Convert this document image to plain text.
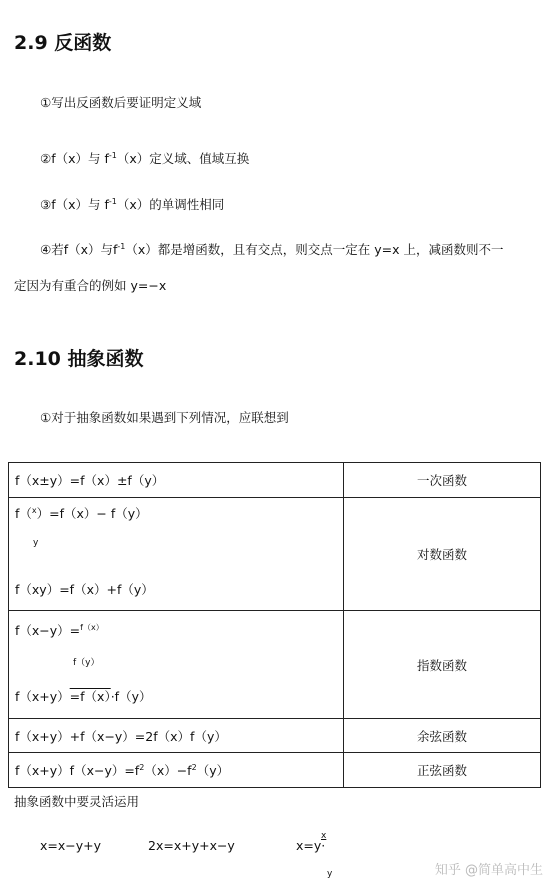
2.9 反函数
①写出反函数后要证明定义域
②f（x）与 $f^{-1}(x)$定义域、值域互换
③f（x）与 $f^{-1}(x)$的单调性相同
④若f（x）与$f^{-1}(x)$都是增函数，且有交点，则交点一定在 y=x 上，减函数则不一
定因为有重合的例如 y=−x
2.10 抽象函数
①对于抽象函数如果遇到下列情况，应联想到
f（x±y）=f（x）±f（y）	一次函数

f（$^x$）=f（x）− f（y）
y
f（xy）=f（x）+f（y）	对数函数

f（x−y）=$^{f(x)}$
f（y）
f（x+y）=f（x）·f（y）	指数函数
f（x+y）+f（x−y）=2f（x）f（y）	余弦函数
$f(x+y)f(x-y)=f^2(x)-f^2(y)$	正弦函数
抽象函数中要灵活运用
x=x−y+y	2x=x+y+x−y	x=y·
x
y	知乎 @简单高中生
